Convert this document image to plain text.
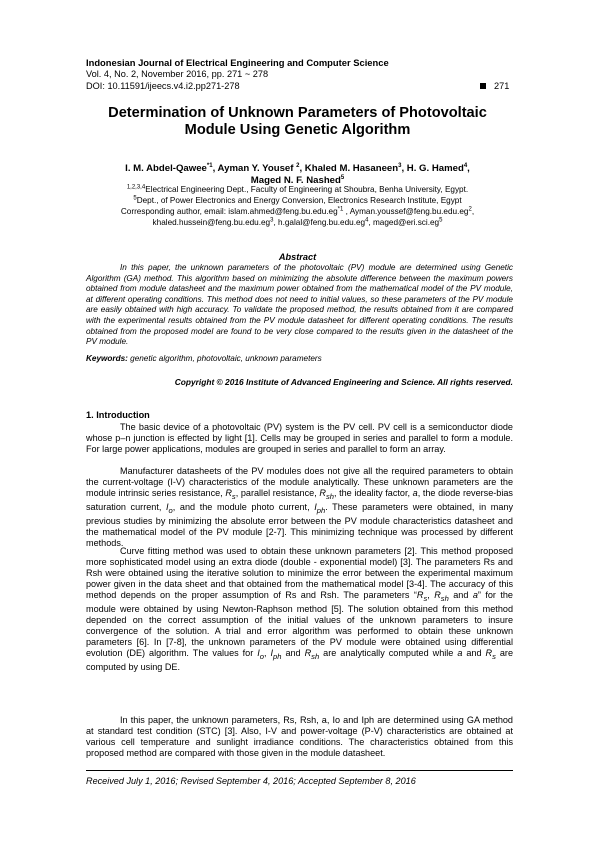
Indonesian Journal of Electrical Engineering and Computer Science
Vol. 4, No. 2, November 2016, pp. 271 ~ 278
DOI: 10.11591/ijeecs.v4.i2.pp271-278	271
Determination of Unknown Parameters of Photovoltaic
Module Using Genetic Algorithm
I. M. Abdel-Qawee$^{*1}$, Ayman Y. Yousef $^2$, Khaled M. Hasaneen$^3$, H. G. Hamed$^4$,
Maged N. F. Nashed$^5$
$^{1,2,3,4}$Electrical Engineering Dept., Faculty of Engineering at Shoubra, Benha University, Egypt.
$^5$Dept., of Power Electronics and Energy Conversion, Electronics Research Institute, Egypt
Corresponding author, email: $islam.ahmed@feng.bu.edu.eg^{*1}$ , $Ayman.youssef@feng.bu.edu.eg^2$,
$khaled.hussein@feng.bu.edu.eg^3$, $h.galal@feng.bu.edu.eg^4$, $maged@eri.sci.eg^5$
Abstract
In this paper, the unknown parameters of the photovoltaic (PV) module are determined using Genetic Algorithm (GA) method. This algorithm based on minimizing the absolute difference between the maximum powers obtained from module datasheet and the maximum power obtained from the mathematical model of the PV module, at different operating conditions. This method does not need to initial values, so these parameters of the PV module are easily obtained with high accuracy. To validate the proposed method, the results obtained from it are compared with the experimental results obtained from the PV module datasheet for different operating conditions. The results obtained from the proposed model are found to be very close compared to the results given in the datasheet of the PV module.
Keywords: genetic algorithm, photovoltaic, unknown parameters
Copyright © 2016 Institute of Advanced Engineering and Science. All rights reserved.
1. Introduction
The basic device of a photovoltaic (PV) system is the PV cell. PV cell is a semiconductor diode whose p–n junction is effected by light [1]. Cells may be grouped in series and parallel to form a module. For large power applications, modules are grouped in series and parallel to form an array.
Manufacturer datasheets of the PV modules does not give all the required parameters to obtain the current-voltage (I-V) characteristics of the module analytically. These unknown parameters are the module intrinsic series resistance, $R_s$, parallel resistance, $R_{sh}$, the ideality factor, a, the diode reverse-bias saturation current, $I_o$, and the module photo current, $I_{ph}$. These parameters were obtained, in many previous studies by minimizing the absolute error between the PV module characteristics datasheet and the mathematical model of the PV module [2-7]. This minimizing technique was processed by different methods.
Curve fitting method was used to obtain these unknown parameters [2]. This method proposed more sophisticated model using an extra diode (double - exponential model) [3]. The parameters Rs and Rsh were obtained using the iterative solution to minimize the error between the experimental maximum power given in the data sheet and that obtained from the mathematical model [3-4]. The accuracy of this method depends on the proper assumption of Rs and Rsh. The parameters “$R_s$, $R_{sh}$ and a” for the module were obtained by using Newton-Raphson method [5]. The solution obtained from this method depended on the correct assumption of the initial values of the unknown parameters to insure convergence of the solution. A trial and error algorithm was performed to obtain these unknown parameters [6]. In [7-8], the unknown parameters of the PV module were obtained using differential evolution (DE) algorithm. The values for $I_o$, $I_{ph}$ and $R_{sh}$ are analytically computed while a and $R_s$ are computed by using DE.
In this paper, the unknown parameters, Rs, Rsh, a, Io and Iph are determined using GA method at standard test condition (STC) [3]. Also, I-V and power-voltage (P-V) characteristics are obtained at various cell temperature and sunlight irradiance conditions. The characteristics obtained from this proposed method are compared with those given in the module datasheet.
Received July 1, 2016; Revised September 4, 2016; Accepted September 8, 2016
